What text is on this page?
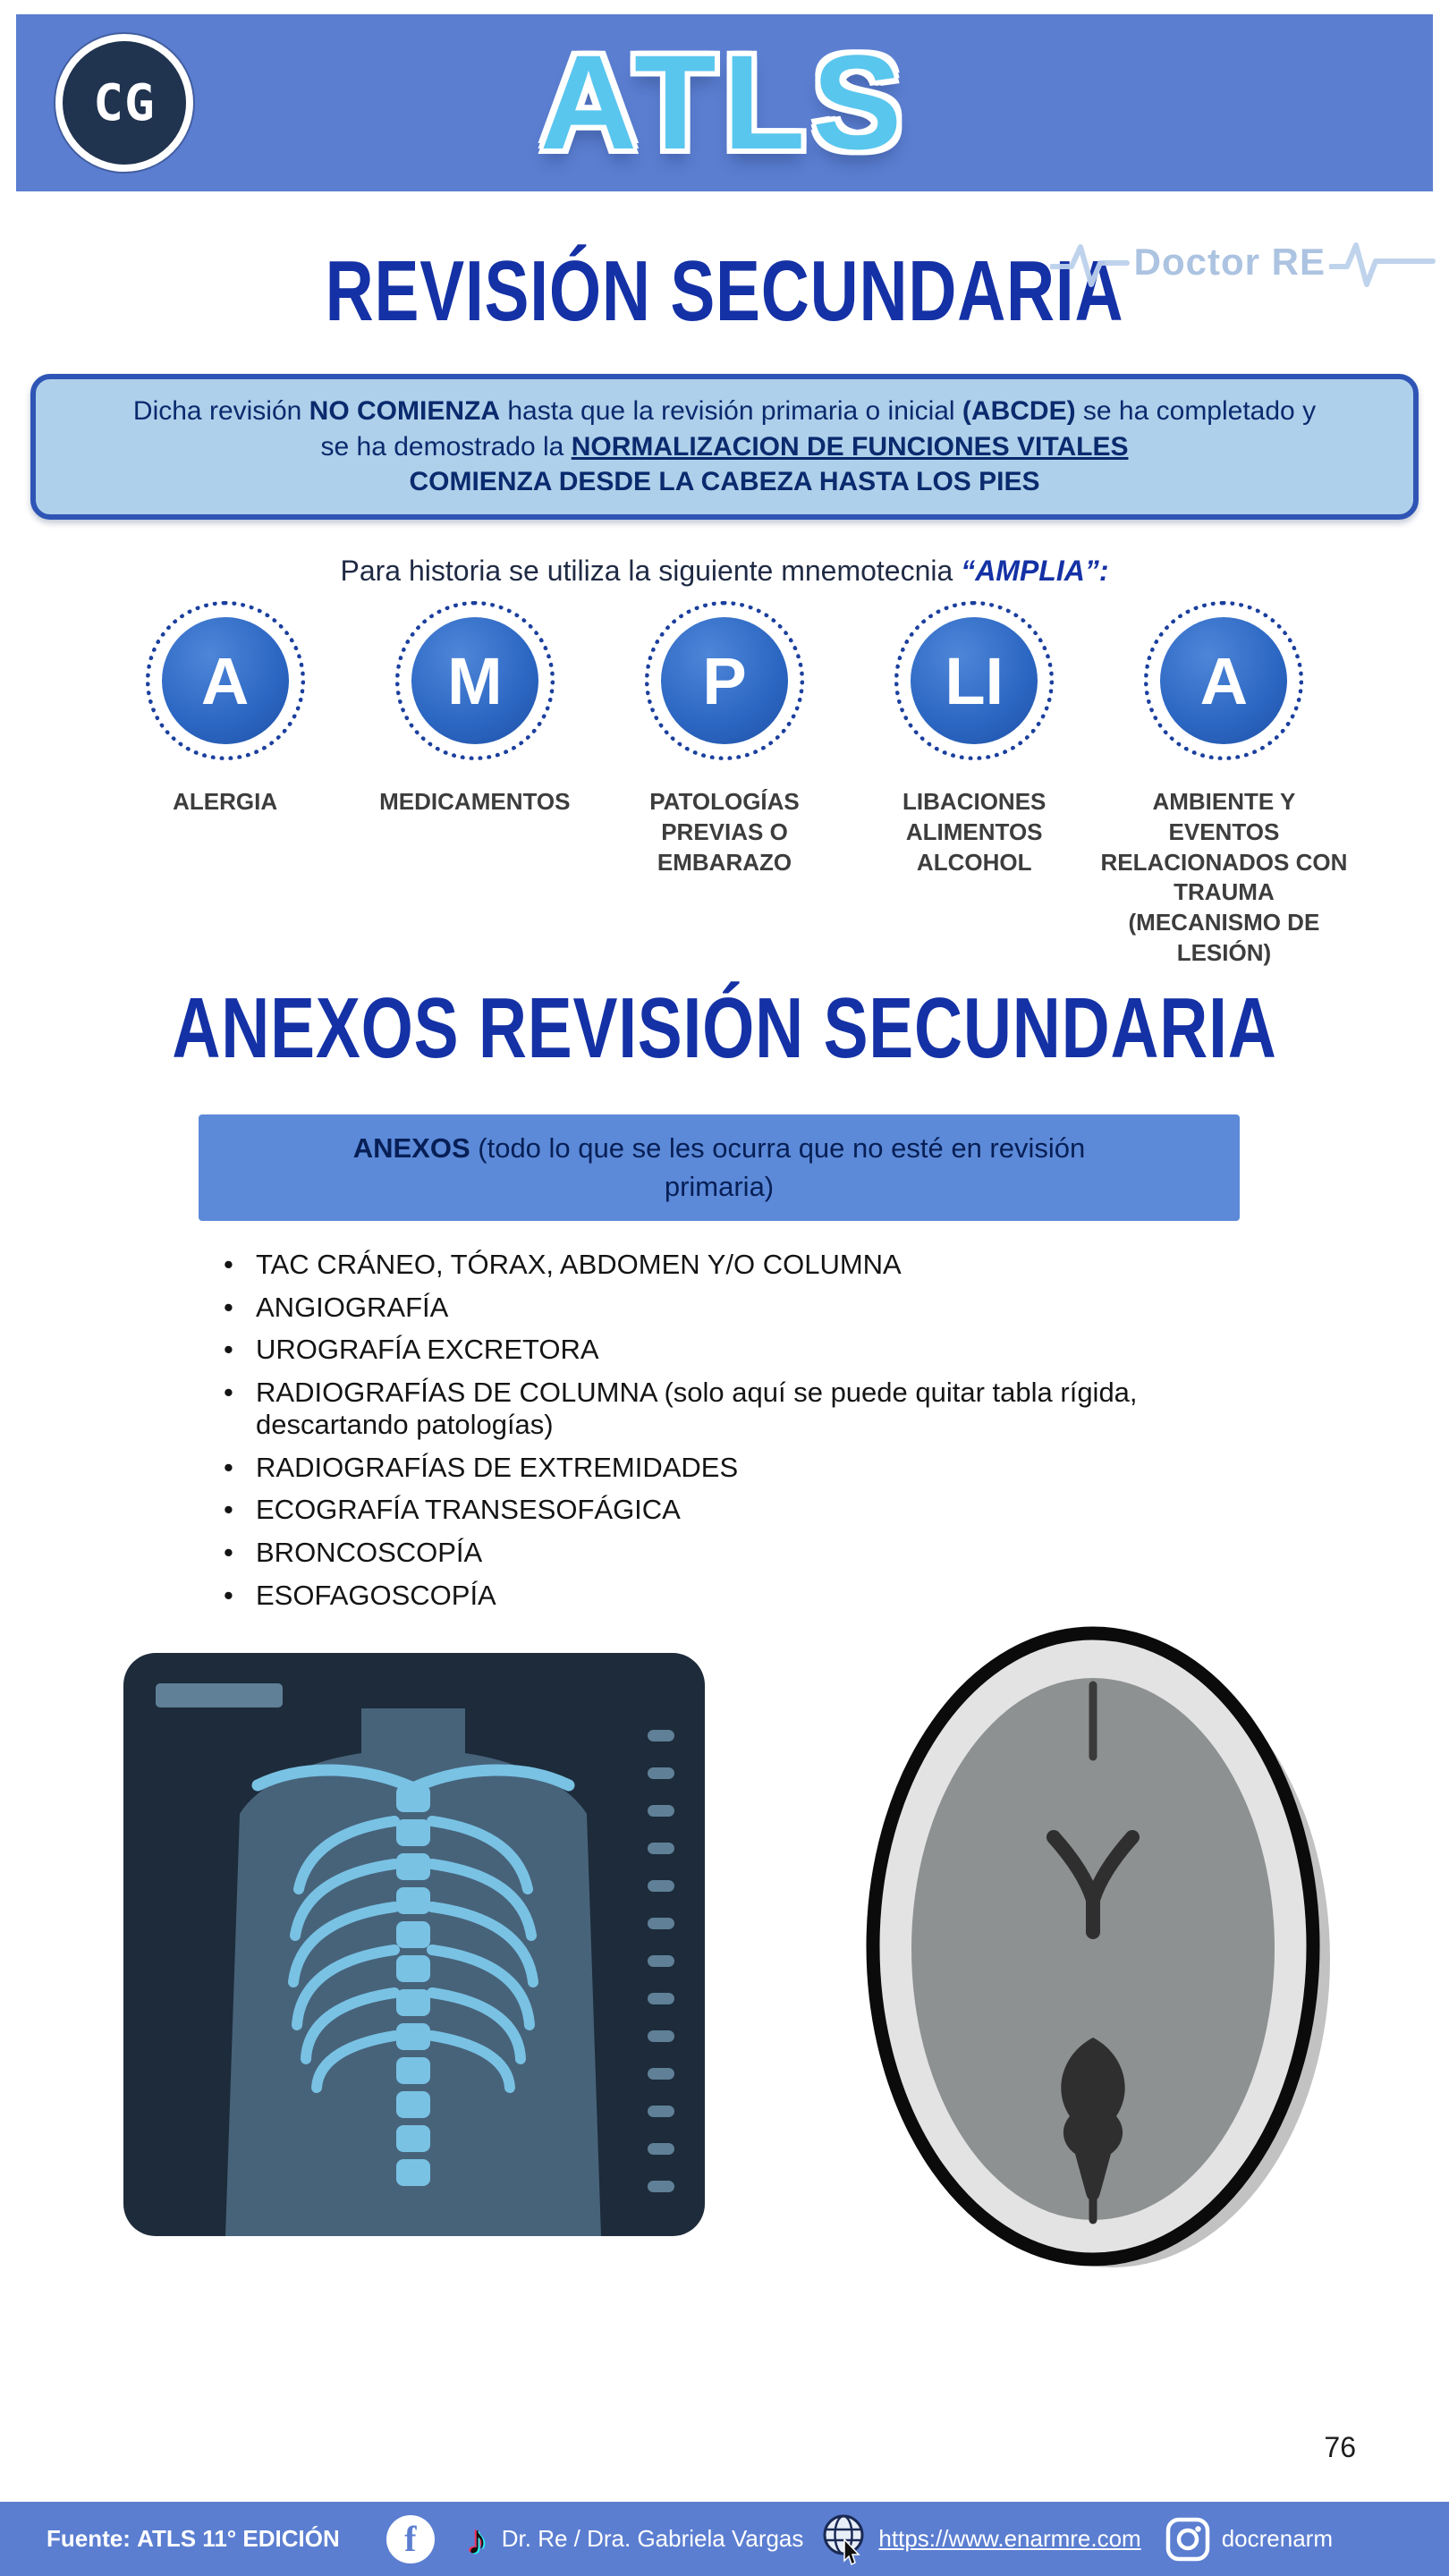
CG	ATLS
REVISIÓN SECUNDARIA Doctor RE

Dicha revisión NO COMIENZA hasta que la revisión primaria o inicial (ABCDE) se ha completado y se ha demostrado la NORMALIZACION DE FUNCIONES VITALES

COMIENZA DESDE LA CABEZA HASTA LOS PIES

Para historia se utiliza la siguiente mnemotecnia “AMPLIA”:

A
ALERGIA
M
MEDICAMENTOS
P
PATOLOGÍAS PREVIAS O EMBARAZO
LI
LIBACIONES ALIMENTOS ALCOHOL
A
AMBIENTE Y EVENTOS RELACIONADOS CON TRAUMA (MECANISMO DE LESIÓN)
ANEXOS REVISIÓN SECUNDARIA
ANEXOS (todo lo que se les ocurra que no esté en revisión primaria)
• TAC CRÁNEO, TÓRAX, ABDOMEN Y/O COLUMNA
• ANGIOGRAFÍA
• UROGRAFÍA EXCRETORA
• RADIOGRAFÍAS DE COLUMNA (solo aquí se puede quitar tabla rígida, descartando patologías)
• RADIOGRAFÍAS DE EXTREMIDADES
• ECOGRAFÍA TRANSESOFÁGICA
• BRONCOSCOPÍA
• ESOFAGOSCOPÍA
76
Fuente: ATLS 11° EDICIÓN	f	♪ Dr. Re / Dra. Gabriela Vargas	https://www.enarmre.com	docrenarm
